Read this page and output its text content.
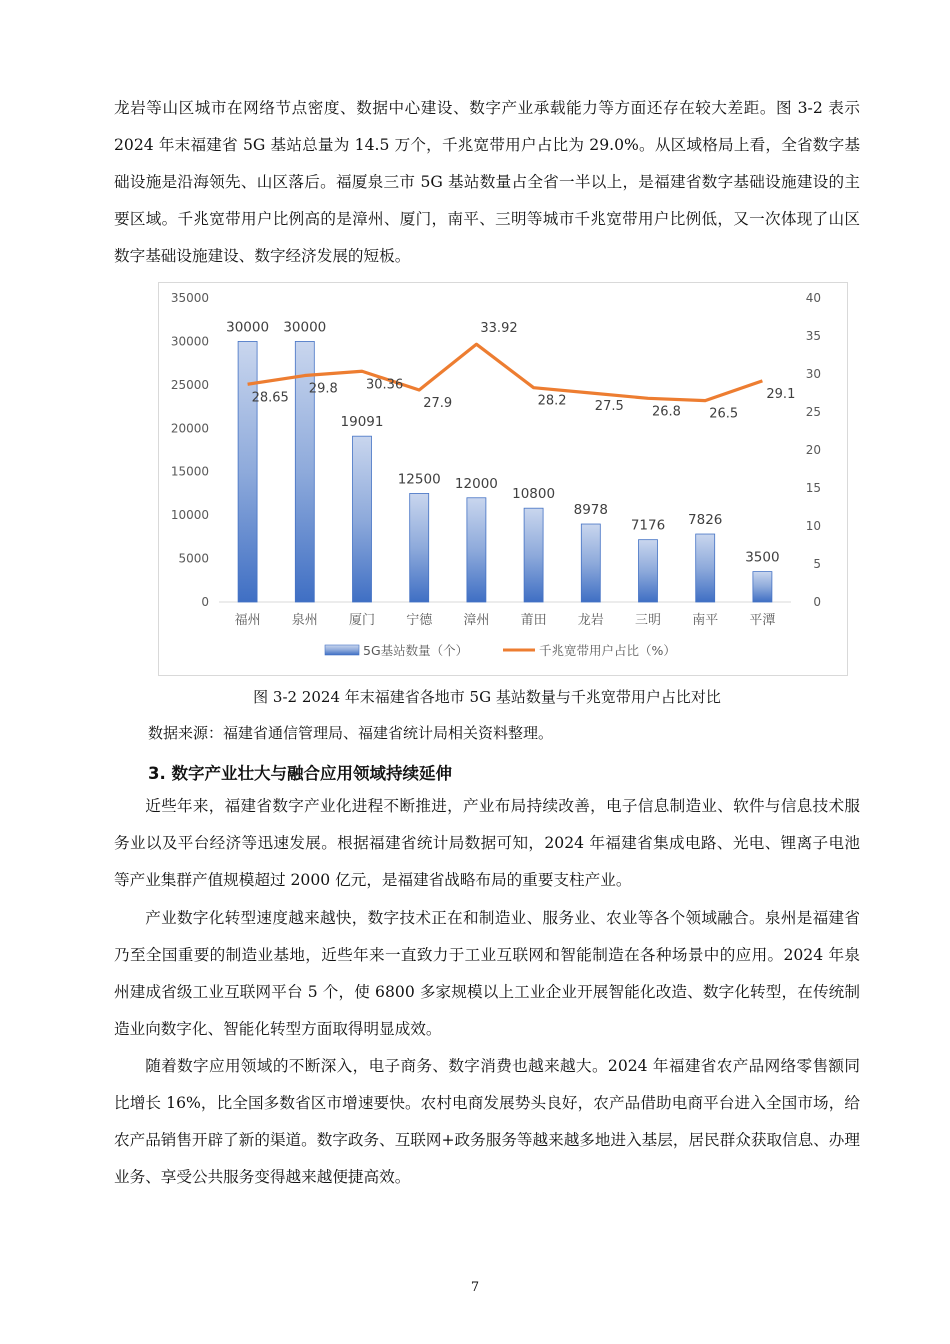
龙岩等山区城市在网络节点密度、数据中心建设、数字产业承载能力等方面还存在较大差距。图 3-2 表示 2024 年末福建省 5G 基站总量为 14.5 万个，千兆宽带用户占比为 29.0%。从区域格局上看，全省数字基础设施是沿海领先、山区落后。福厦泉三市 5G 基站数量占全省一半以上，是福建省数字基础设施建设的主要区域。千兆宽带用户比例高的是漳州、厦门，南平、三明等城市千兆宽带用户比例低，又一次体现了山区数字基础设施建设、数字经济发展的短板。

0
5000
10000
15000
20000
25000
30000
35000
0
5
10
15
20
25
30
35
40
30000 30000
19091
12500 12000
10800
8978
7176 7826
3500
福州 泉州 厦门 宁德 漳州 莆田 龙岩 三明 南平 平潭
28.65
29.8 30.36
27.9
33.92
28.2 27.5 26.8 26.5
29.1
5G基站数量（个）	千兆宽带用户占比（%）
图 3-2 2024 年末福建省各地市 5G 基站数量与千兆宽带用户占比对比
数据来源：福建省通信管理局、福建省统计局相关资料整理。
3. 数字产业壮大与融合应用领域持续延伸

近些年来，福建省数字产业化进程不断推进，产业布局持续改善，电子信息制造业、软件与信息技术服务业以及平台经济等迅速发展。根据福建省统计局数据可知，2024 年福建省集成电路、光电、锂离子电池等产业集群产值规模超过 2000 亿元，是福建省战略布局的重要支柱产业。

产业数字化转型速度越来越快，数字技术正在和制造业、服务业、农业等各个领域融合。泉州是福建省乃至全国重要的制造业基地，近些年来一直致力于工业互联网和智能制造在各种场景中的应用。2024 年泉州建成省级工业互联网平台 5 个，使 6800 多家规模以上工业企业开展智能化改造、数字化转型，在传统制造业向数字化、智能化转型方面取得明显成效。

随着数字应用领域的不断深入，电子商务、数字消费也越来越大。2024 年福建省农产品网络零售额同比增长 16%，比全国多数省区市增速要快。农村电商发展势头良好，农产品借助电商平台进入全国市场，给农产品销售开辟了新的渠道。数字政务、互联网+政务服务等越来越多地进入基层，居民群众获取信息、办理业务、享受公共服务变得越来越便捷高效。

7
